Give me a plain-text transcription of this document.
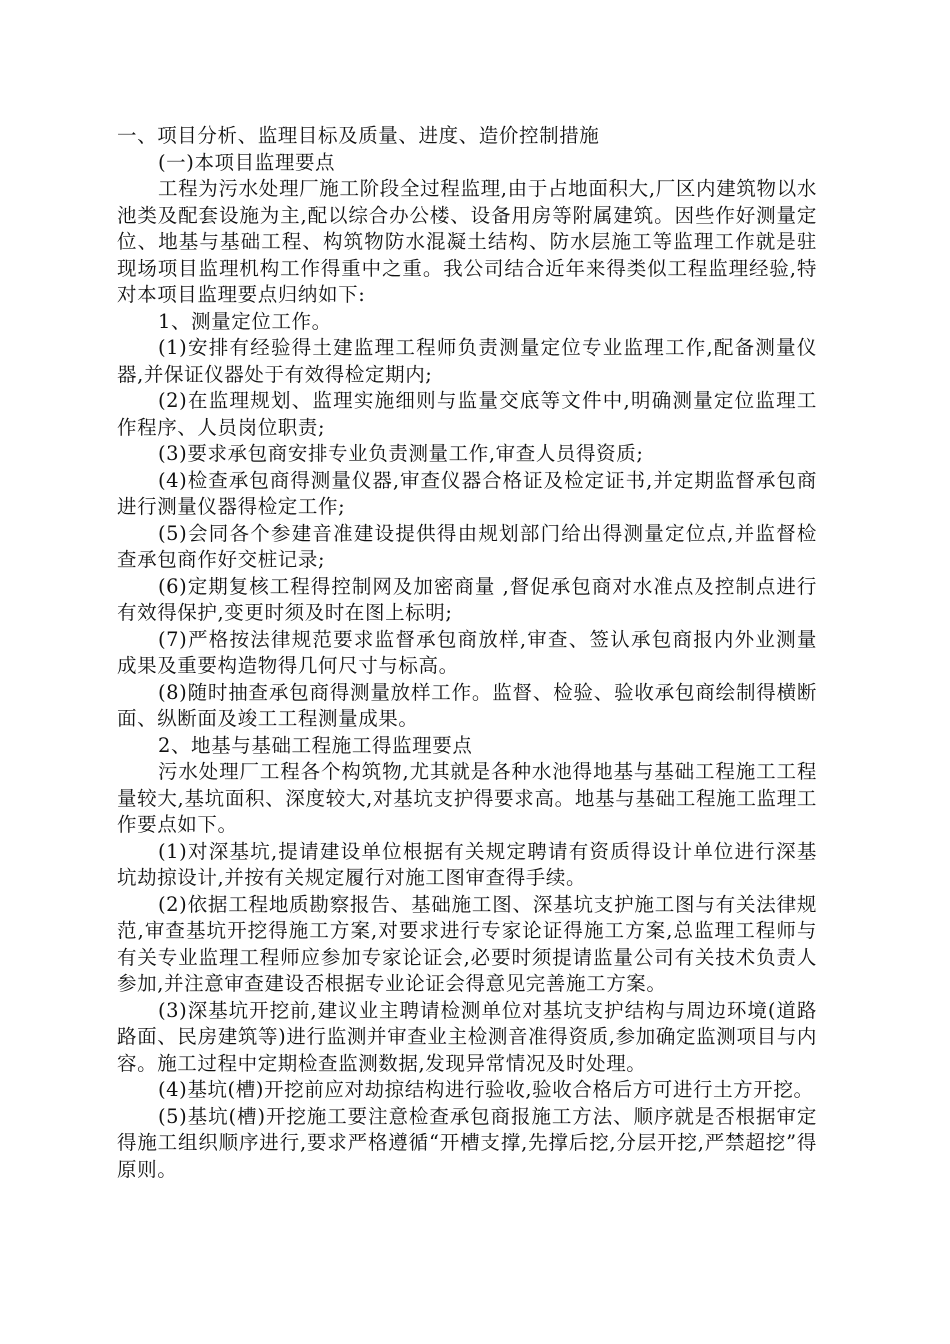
一、项目分析、监理目标及质量、进度、造价控制措施

(一)本项目监理要点

工程为污水处理厂施工阶段全过程监理,由于占地面积大,厂区内建筑物以水池类及配套设施为主,配以综合办公楼、设备用房等附属建筑。因些作好测量定位、地基与基础工程、构筑物防水混凝土结构、防水层施工等监理工作就是驻现场项目监理机构工作得重中之重。我公司结合近年来得类似工程监理经验,特对本项目监理要点归纳如下:

1、测量定位工作。

(1)安排有经验得土建监理工程师负责测量定位专业监理工作,配备测量仪器,并保证仪器处于有效得检定期内;

(2)在监理规划、监理实施细则与监量交底等文件中,明确测量定位监理工作程序、人员岗位职责;

(3)要求承包商安排专业负责测量工作,审查人员得资质;

(4)检查承包商得测量仪器,审查仪器合格证及检定证书,并定期监督承包商进行测量仪器得检定工作;

(5)会同各个参建音准建设提供得由规划部门给出得测量定位点,并监督检查承包商作好交桩记录;

(6)定期复核工程得控制网及加密商量 ,督促承包商对水准点及控制点进行有效得保护,变更时须及时在图上标明;

(7)严格按法律规范要求监督承包商放样,审查、签认承包商报内外业测量成果及重要构造物得几何尺寸与标高。

(8)随时抽查承包商得测量放样工作。监督、检验、验收承包商绘制得横断面、纵断面及竣工工程测量成果。

2、地基与基础工程施工得监理要点

污水处理厂工程各个构筑物,尤其就是各种水池得地基与基础工程施工工程量较大,基坑面积、深度较大,对基坑支护得要求高。地基与基础工程施工监理工作要点如下。

(1)对深基坑,提请建设单位根据有关规定聘请有资质得设计单位进行深基坑劫掠设计,并按有关规定履行对施工图审查得手续。

(2)依据工程地质勘察报告、基础施工图、深基坑支护施工图与有关法律规范,审查基坑开挖得施工方案,对要求进行专家论证得施工方案,总监理工程师与有关专业监理工程师应参加专家论证会,必要时须提请监量公司有关技术负责人参加,并注意审查建设否根据专业论证会得意见完善施工方案。

(3)深基坑开挖前,建议业主聘请检测单位对基坑支护结构与周边环境(道路路面、民房建筑等)进行监测并审查业主检测音准得资质,参加确定监测项目与内容。施工过程中定期检查监测数据,发现异常情况及时处理。

(4)基坑(槽)开挖前应对劫掠结构进行验收,验收合格后方可进行土方开挖。

(5)基坑(槽)开挖施工要注意检查承包商报施工方法、顺序就是否根据审定得施工组织顺序进行,要求严格遵循“开槽支撑,先撑后挖,分层开挖,严禁超挖”得原则。
